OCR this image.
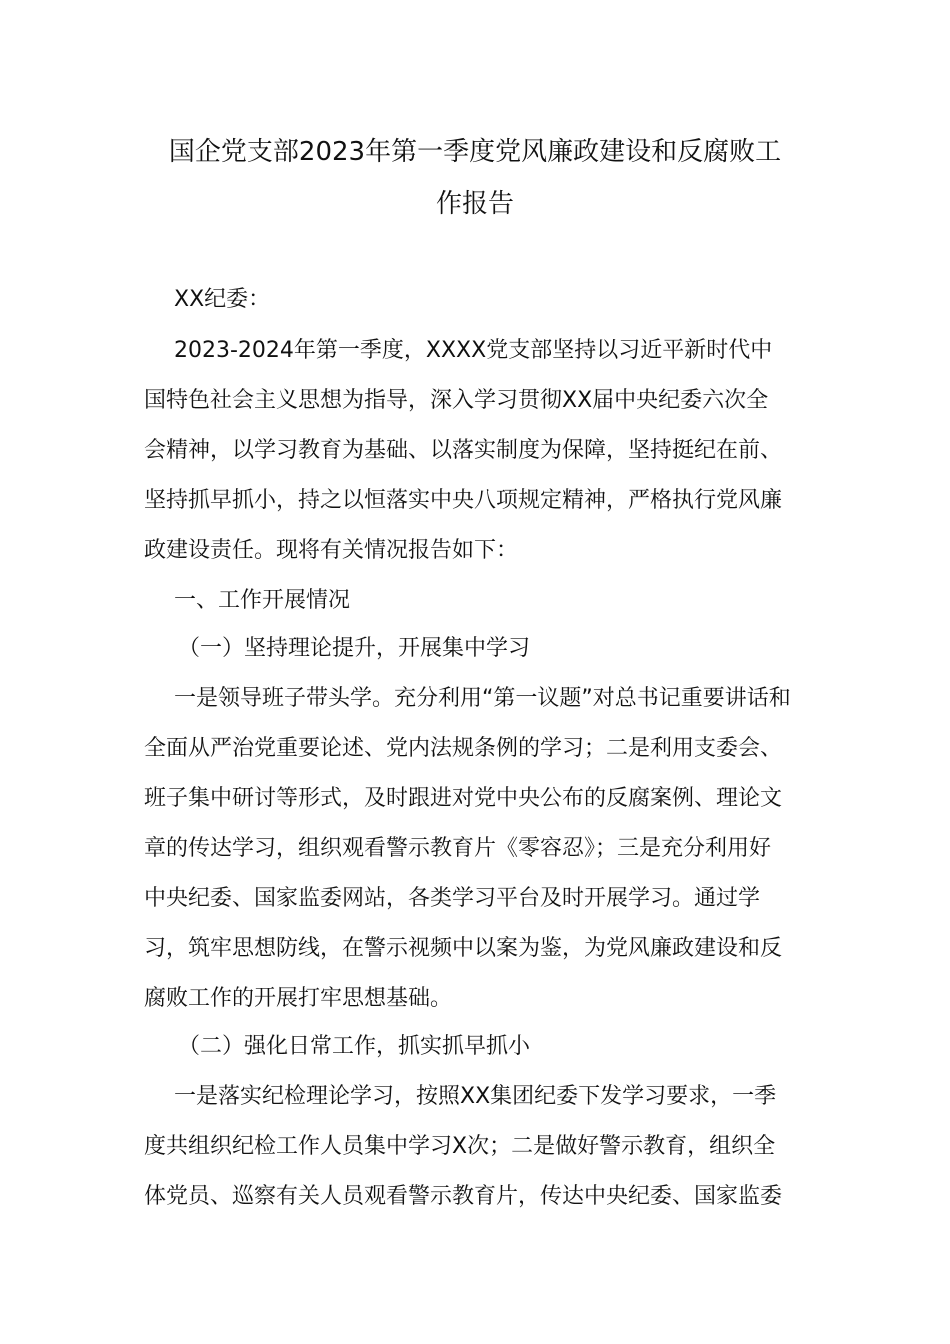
国企党支部2023年第一季度党风廉政建设和反腐败工
作报告

XX纪委：

2023-2024年第一季度，XXXX党支部坚持以习近平新时代中

国特色社会主义思想为指导，深入学习贯彻XX届中央纪委六次全

会精神，以学习教育为基础、以落实制度为保障，坚持挺纪在前、

坚持抓早抓小，持之以恒落实中央八项规定精神，严格执行党风廉

政建设责任。现将有关情况报告如下：

一、工作开展情况

（一）坚持理论提升，开展集中学习

一是领导班子带头学。充分利用“第一议题”对总书记重要讲话和

全面从严治党重要论述、党内法规条例的学习；二是利用支委会、

班子集中研讨等形式，及时跟进对党中央公布的反腐案例、理论文

章的传达学习，组织观看警示教育片《零容忍》；三是充分利用好

中央纪委、国家监委网站，各类学习平台及时开展学习。通过学

习，筑牢思想防线，在警示视频中以案为鉴，为党风廉政建设和反

腐败工作的开展打牢思想基础。

（二）强化日常工作，抓实抓早抓小

一是落实纪检理论学习，按照XX集团纪委下发学习要求，一季

度共组织纪检工作人员集中学习X次；二是做好警示教育，组织全

体党员、巡察有关人员观看警示教育片，传达中央纪委、国家监委
